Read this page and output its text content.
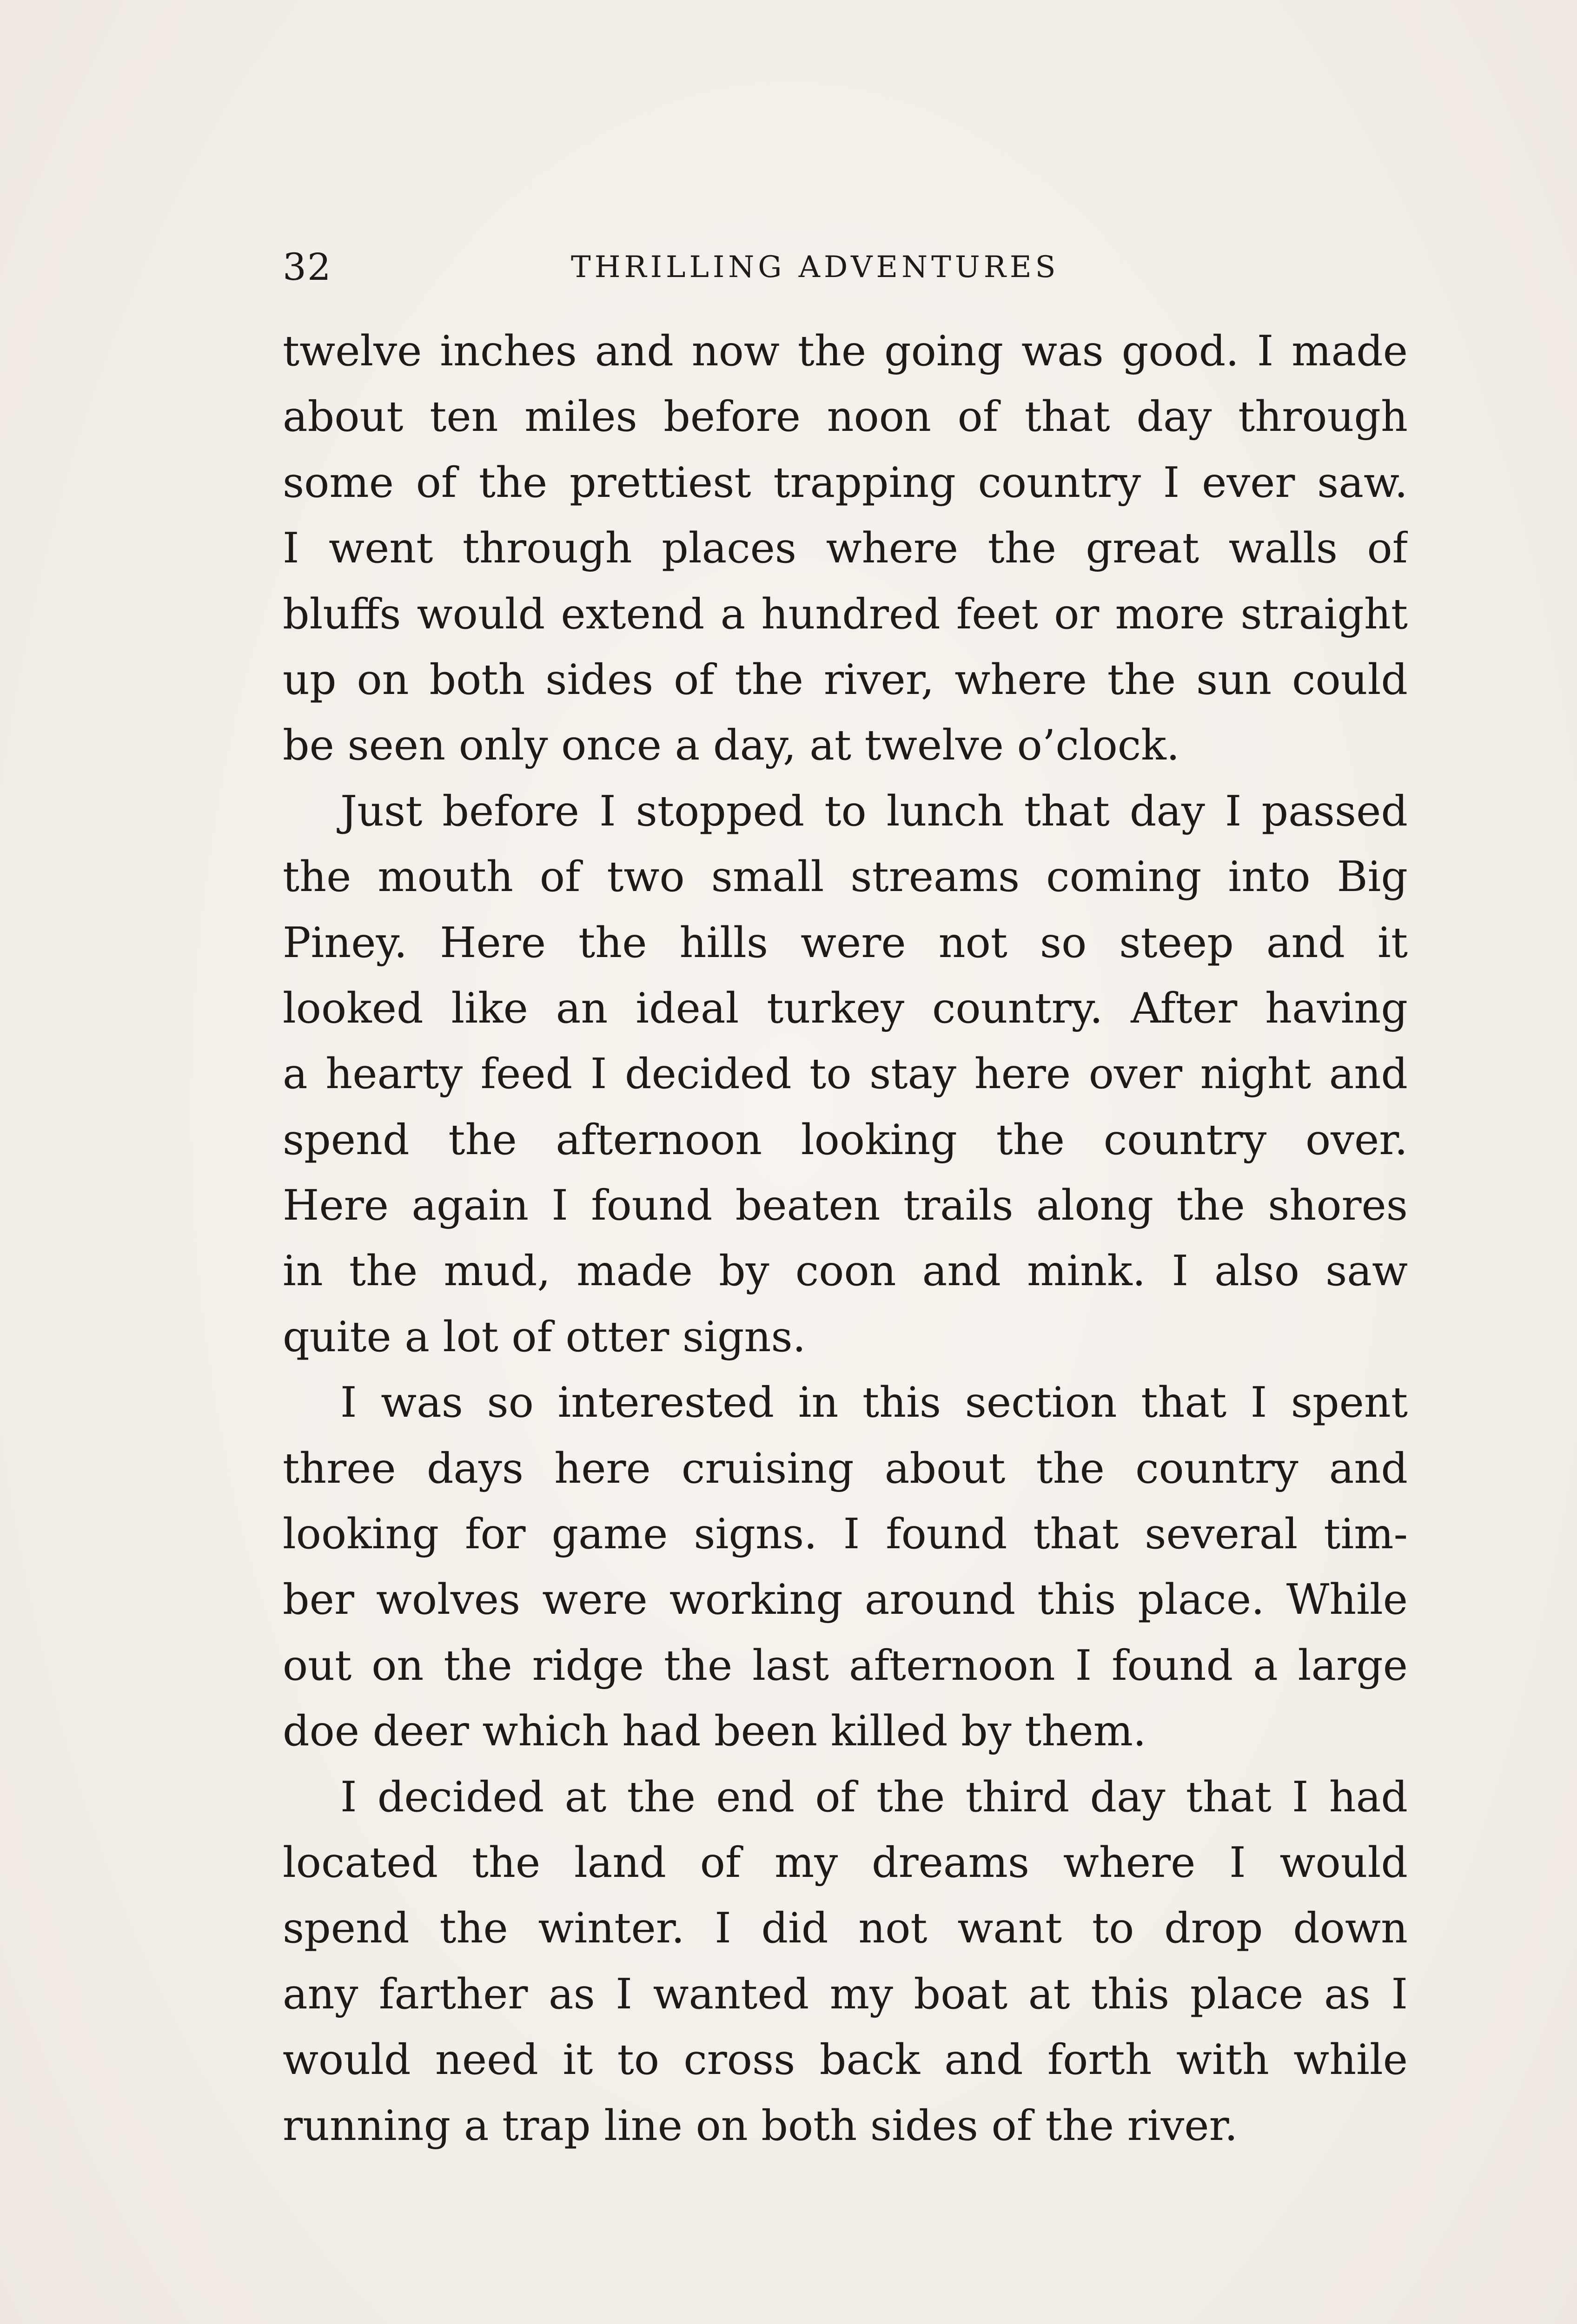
32	THRILLING ADVENTURES
twelve inches and now the going was good. I made
about ten miles before noon of that day through
some of the prettiest trapping country I ever saw.
I went through places where the great walls of
bluffs would extend a hundred feet or more straight
up on both sides of the river, where the sun could
be seen only once a day, at twelve o’clock.
Just before I stopped to lunch that day I passed
the mouth of two small streams coming into Big
Piney. Here the hills were not so steep and it
looked like an ideal turkey country. After having
a hearty feed I decided to stay here over night and
spend the afternoon looking the country over.
Here again I found beaten trails along the shores
in the mud, made by coon and mink. I also saw
quite a lot of otter signs.
I was so interested in this section that I spent
three days here cruising about the country and
looking for game signs. I found that several tim-
ber wolves were working around this place. While
out on the ridge the last afternoon I found a large
doe deer which had been killed by them.
I decided at the end of the third day that I had
located the land of my dreams where I would
spend the winter. I did not want to drop down
any farther as I wanted my boat at this place as I
would need it to cross back and forth with while
running a trap line on both sides of the river.
